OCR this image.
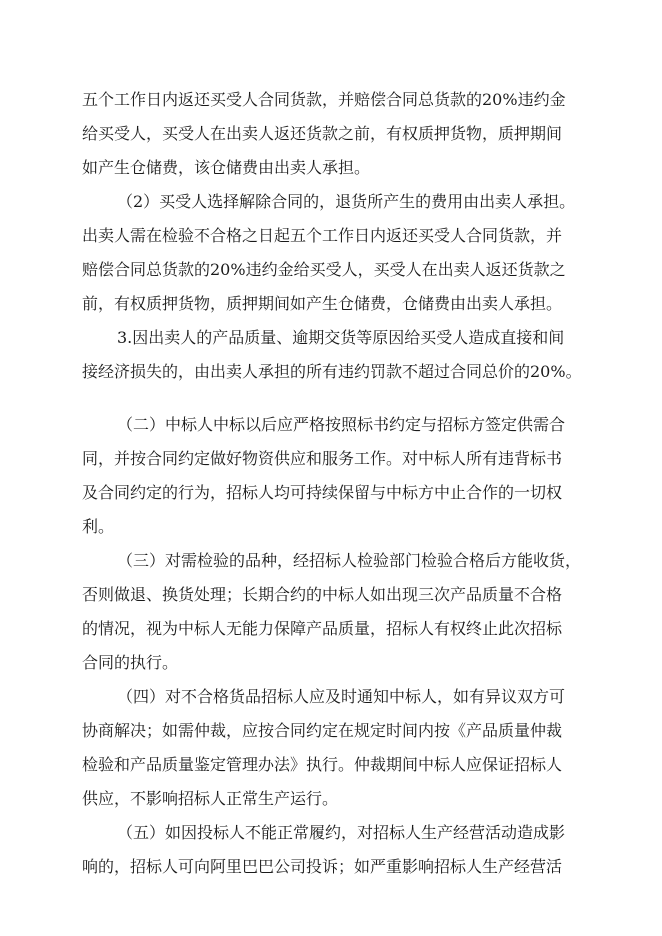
五个工作日内返还买受人合同货款，并赔偿合同总货款的20%违约金
给买受人，买受人在出卖人返还货款之前，有权质押货物，质押期间
如产生仓储费，该仓储费由出卖人承担。
（2）买受人选择解除合同的，退货所产生的费用由出卖人承担。
出卖人需在检验不合格之日起五个工作日内返还买受人合同货款，并
赔偿合同总货款的20%违约金给买受人，买受人在出卖人返还货款之
前，有权质押货物，质押期间如产生仓储费，仓储费由出卖人承担。
3.因出卖人的产品质量、逾期交货等原因给买受人造成直接和间
接经济损失的，由出卖人承担的所有违约罚款不超过合同总价的20%。
（二）中标人中标以后应严格按照标书约定与招标方签定供需合
同，并按合同约定做好物资供应和服务工作。对中标人所有违背标书
及合同约定的行为，招标人均可持续保留与中标方中止合作的一切权
利。
（三）对需检验的品种，经招标人检验部门检验合格后方能收货，
否则做退、换货处理；长期合约的中标人如出现三次产品质量不合格
的情况，视为中标人无能力保障产品质量，招标人有权终止此次招标
合同的执行。
（四）对不合格货品招标人应及时通知中标人，如有异议双方可
协商解决；如需仲裁，应按合同约定在规定时间内按《产品质量仲裁
检验和产品质量鉴定管理办法》执行。仲裁期间中标人应保证招标人
供应，不影响招标人正常生产运行。
（五）如因投标人不能正常履约，对招标人生产经营活动造成影
响的，招标人可向阿里巴巴公司投诉；如严重影响招标人生产经营活
